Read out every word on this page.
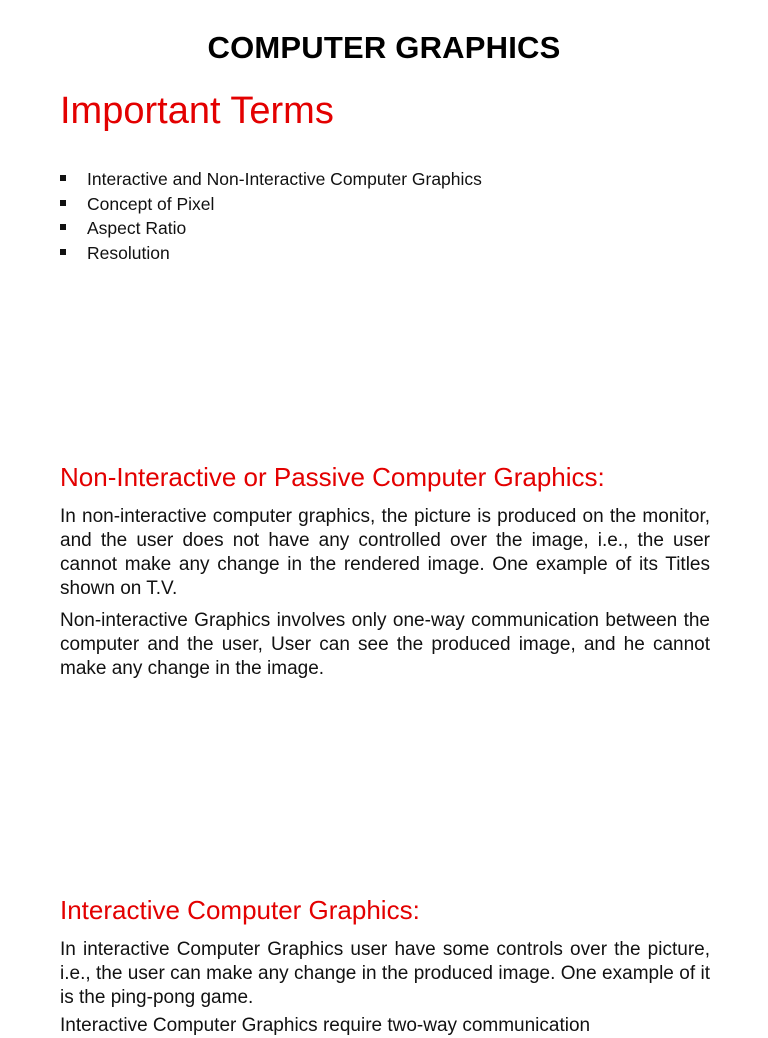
COMPUTER GRAPHICS
Important Terms
Interactive and Non-Interactive Computer Graphics
Concept of Pixel
Aspect Ratio
Resolution
Non-Interactive or Passive Computer Graphics:

In non-interactive computer graphics, the picture is produced on the monitor, and the user does not have any controlled over the image, i.e., the user cannot make any change in the rendered image. One example of its Titles shown on T.V.

Non-interactive Graphics involves only one-way communication between the computer and the user, User can see the produced image, and he cannot make any change in the image.

Interactive Computer Graphics:

In interactive Computer Graphics user have some controls over the picture, i.e., the user can make any change in the produced image. One example of it is the ping-pong game.

Interactive Computer Graphics require two-way communication
